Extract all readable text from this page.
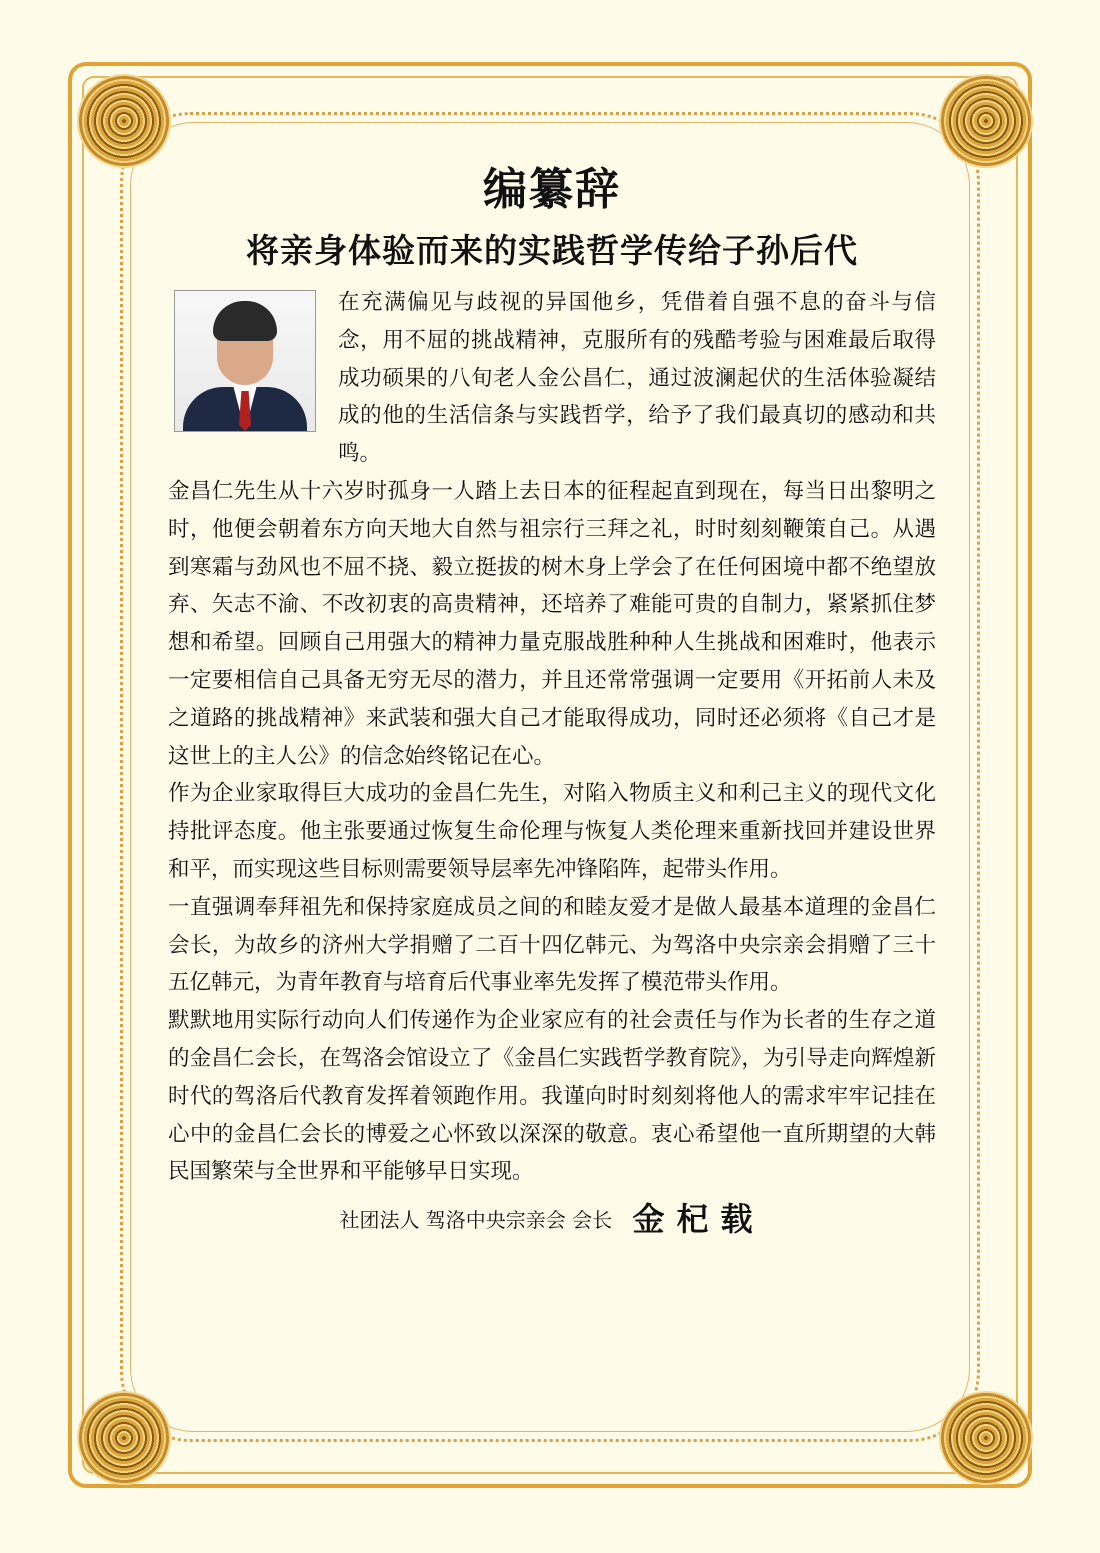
编纂辞
将亲身体验而来的实践哲学传给子孙后代

在充满偏见与歧视的异国他乡，凭借着自强不息的奋斗与信念，用不屈的挑战精神，克服所有的残酷考验与困难最后取得成功硕果的八旬老人金公昌仁，通过波澜起伏的生活体验凝结成的他的生活信条与实践哲学，给予了我们最真切的感动和共鸣。

金昌仁先生从十六岁时孤身一人踏上去日本的征程起直到现在，每当日出黎明之时，他便会朝着东方向天地大自然与祖宗行三拜之礼，时时刻刻鞭策自己。从遇到寒霜与劲风也不屈不挠、毅立挺拔的树木身上学会了在任何困境中都不绝望放弃、矢志不渝、不改初衷的高贵精神，还培养了难能可贵的自制力，紧紧抓住梦想和希望。回顾自己用强大的精神力量克服战胜种种人生挑战和困难时，他表示一定要相信自己具备无穷无尽的潜力，并且还常常强调一定要用《开拓前人未及之道路的挑战精神》来武装和强大自己才能取得成功，同时还必须将《自己才是这世上的主人公》的信念始终铭记在心。

作为企业家取得巨大成功的金昌仁先生，对陷入物质主义和利己主义的现代文化持批评态度。他主张要通过恢复生命伦理与恢复人类伦理来重新找回并建设世界和平，而实现这些目标则需要领导层率先冲锋陷阵，起带头作用。

一直强调奉拜祖先和保持家庭成员之间的和睦友爱才是做人最基本道理的金昌仁会长，为故乡的济州大学捐赠了二百十四亿韩元、为驾洛中央宗亲会捐赠了三十五亿韩元，为青年教育与培育后代事业率先发挥了模范带头作用。

默默地用实际行动向人们传递作为企业家应有的社会责任与作为长者的生存之道的金昌仁会长，在驾洛会馆设立了《金昌仁实践哲学教育院》，为引导走向辉煌新时代的驾洛后代教育发挥着领跑作用。我谨向时时刻刻将他人的需求牢牢记挂在心中的金昌仁会长的博爱之心怀致以深深的敬意。衷心希望他一直所期望的大韩民国繁荣与全世界和平能够早日实现。

社团法人 驾洛中央宗亲会 会长 金杞载
